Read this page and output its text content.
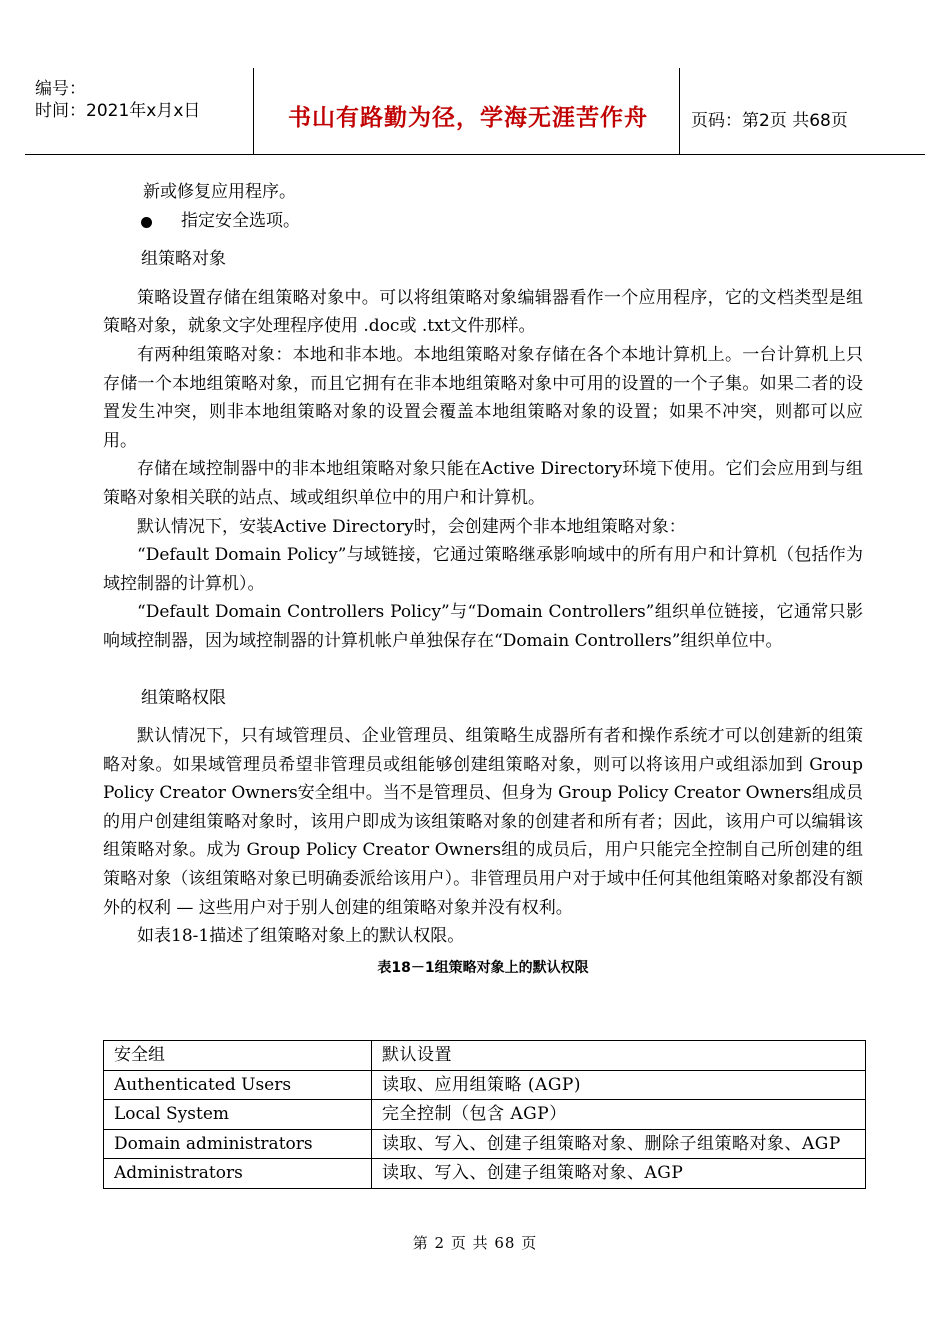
编号：
时间：2021年x月x日	书山有路勤为径，学海无涯苦作舟	页码：第2页 共68页

新或修复应用程序。

指定安全选项。
组策略对象

策略设置存储在组策略对象中。可以将组策略对象编辑器看作一个应用程序，它的文档类型是组策略对象，就象文字处理程序使用 .doc或 .txt文件那样。

有两种组策略对象：本地和非本地。本地组策略对象存储在各个本地计算机上。一台计算机上只存储一个本地组策略对象，而且它拥有在非本地组策略对象中可用的设置的一个子集。如果二者的设置发生冲突，则非本地组策略对象的设置会覆盖本地组策略对象的设置；如果不冲突，则都可以应用。

存储在域控制器中的非本地组策略对象只能在Active Directory环境下使用。它们会应用到与组策略对象相关联的站点、域或组织单位中的用户和计算机。

默认情况下，安装Active Directory时，会创建两个非本地组策略对象：

“Default Domain Policy”与域链接，它通过策略继承影响域中的所有用户和计算机（包括作为域控制器的计算机）。

“Default Domain Controllers Policy”与“Domain Controllers”组织单位链接，它通常只影响域控制器，因为域控制器的计算机帐户单独保存在“Domain Controllers”组织单位中。

组策略权限

默认情况下，只有域管理员、企业管理员、组策略生成器所有者和操作系统才可以创建新的组策略对象。如果域管理员希望非管理员或组能够创建组策略对象，则可以将该用户或组添加到 Group Policy Creator Owners安全组中。当不是管理员、但身为 Group Policy Creator Owners组成员的用户创建组策略对象时，该用户即成为该组策略对象的创建者和所有者；因此，该用户可以编辑该组策略对象。成为 Group Policy Creator Owners组的成员后，用户只能完全控制自己所创建的组策略对象（该组策略对象已明确委派给该用户）。非管理员用户对于域中任何其他组策略对象都没有额外的权利 — 这些用户对于别人创建的组策略对象并没有权利。

如表18-1描述了组策略对象上的默认权限。

表18－1组策略对象上的默认权限
安全组	默认设置
Authenticated Users	读取、应用组策略 (AGP)
Local System	完全控制（包含 AGP）
Domain administrators	读取、写入、创建子组策略对象、删除子组策略对象、AGP
Administrators	读取、写入、创建子组策略对象、AGP
第 2 页 共 68 页
